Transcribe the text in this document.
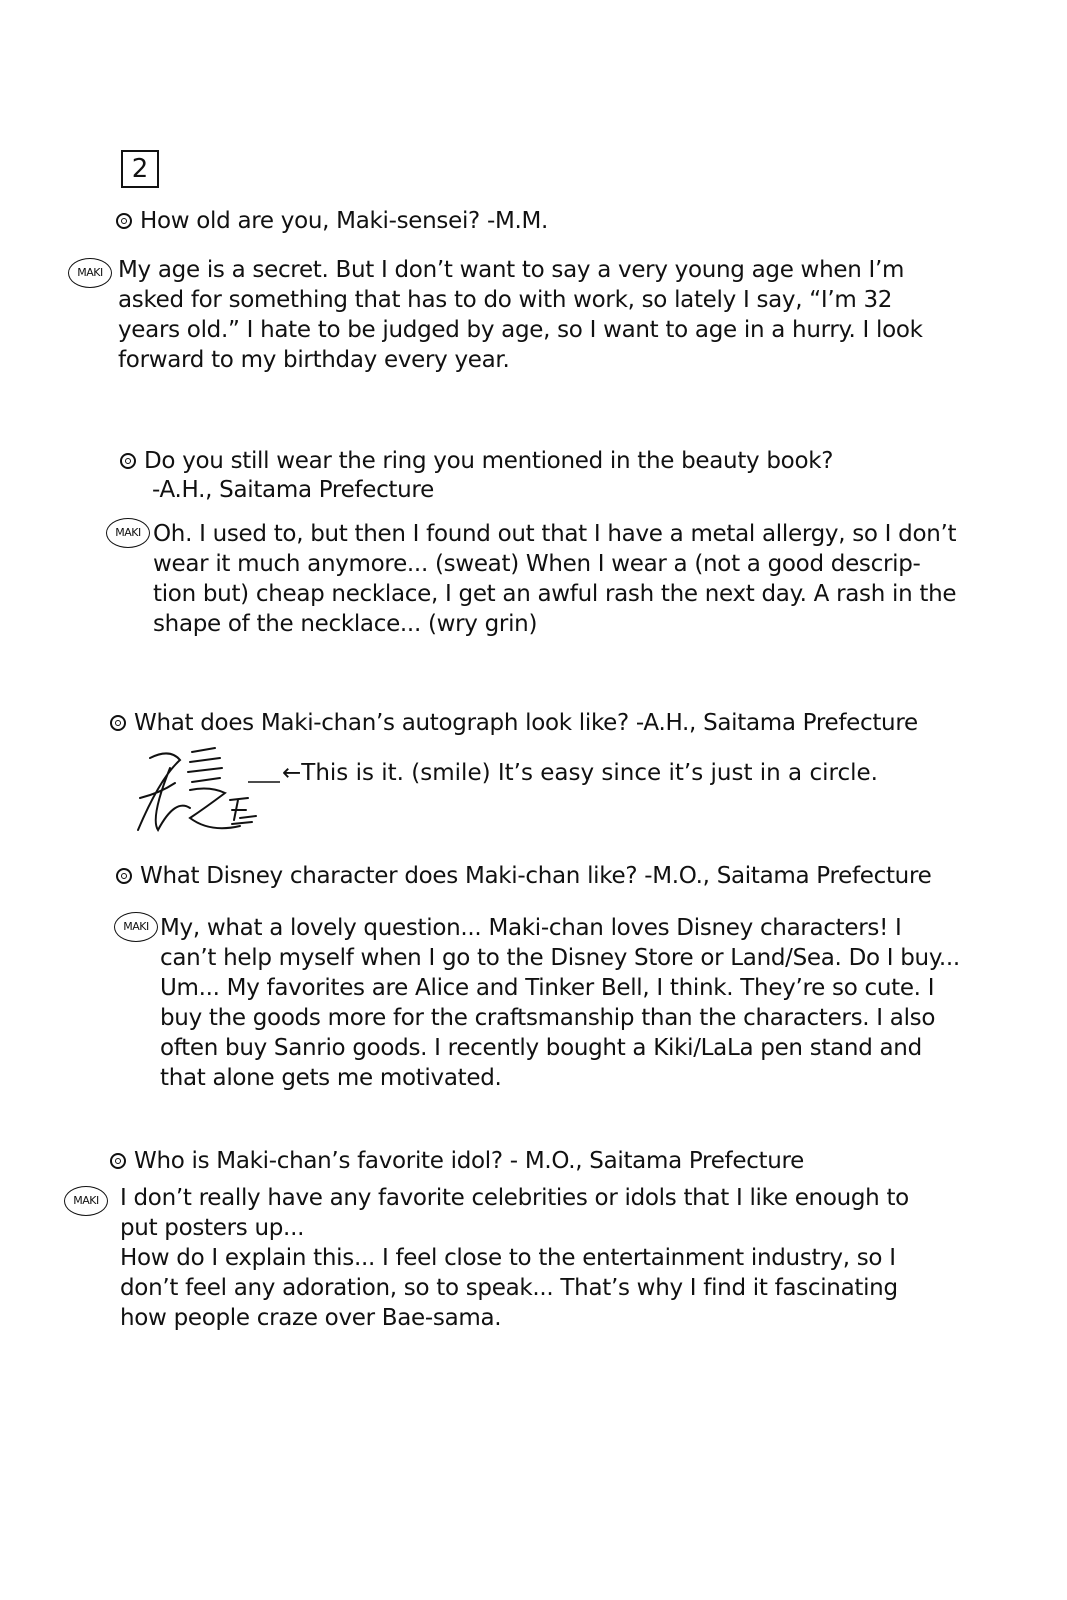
2
How old are you, Maki-sensei? -M.M.
MAKI My age is a secret. But I don’t want to say a very young age when I’m asked for something that has to do with work, so lately I say, “I’m 32 years old.” I hate to be judged by age, so I want to age in a hurry. I look forward to my birthday every year.

Do you still wear the ring you mentioned in the beauty book?
-A.H., Saitama Prefecture
MAKI Oh. I used to, but then I found out that I have a metal allergy, so I don’t wear it much anymore... (sweat) When I wear a (not a good descrip- tion but) cheap necklace, I get an awful rash the next day. A rash in the shape of the necklace... (wry grin)

What does Maki-chan’s autograph look like? -A.H., Saitama Prefecture
←This is it. (smile) It’s easy since it’s just in a circle.
What Disney character does Maki-chan like? -M.O., Saitama Prefecture
MAKI My, what a lovely question... Maki-chan loves Disney characters! I can’t help myself when I go to the Disney Store or Land/Sea. Do I buy... Um... My favorites are Alice and Tinker Bell, I think. They’re so cute. I buy the goods more for the craftsmanship than the characters. I also often buy Sanrio goods. I recently bought a Kiki/LaLa pen stand and that alone gets me motivated.

Who is Maki-chan’s favorite idol? - M.O., Saitama Prefecture
MAKI I don’t really have any favorite celebrities or idols that I like enough to put posters up...

How do I explain this... I feel close to the entertainment industry, so I don’t feel any adoration, so to speak... That’s why I find it fascinating how people craze over Bae-sama.
